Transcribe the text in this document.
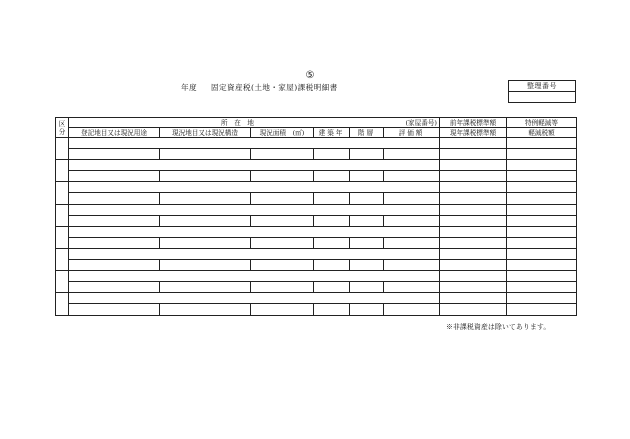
⑤
年度 固定資産税(土地・家屋)課税明細書	整理番号
区
分	所　在　地 (家屋番号)						前年課税標準額	特例軽減等
	登記地目又は現況用途	現況地目又は現況構造	現況面積　(㎡)	建築年	階層	評価額	現年課税標準額	軽減税額

※非課税資産は除いてあります。
